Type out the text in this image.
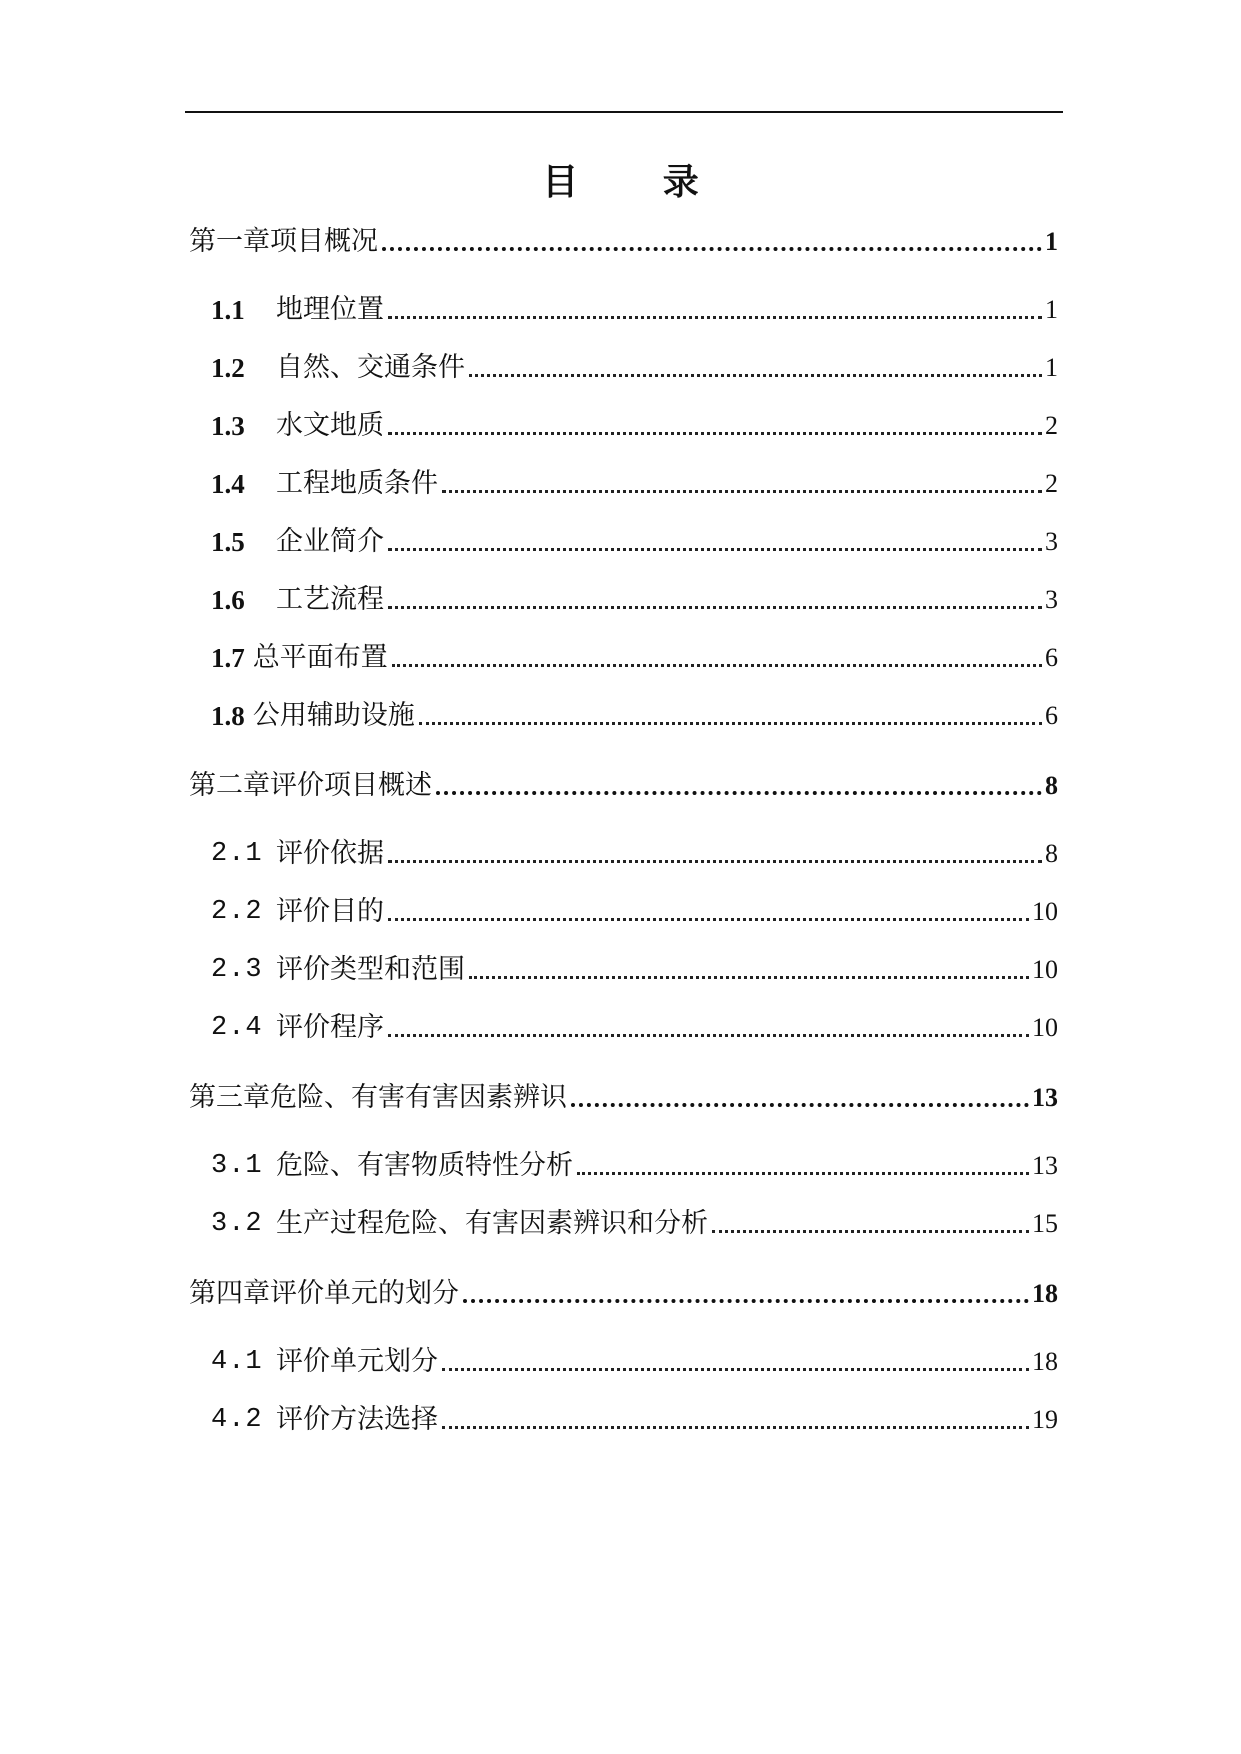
目 录
第一章项目概况	1
1.1	地理位置	1
1.2	自然、交通条件	1
1.3	水文地质	2
1.4	工程地质条件	2
1.5	企业简介	3
1.6	工艺流程	3
1.7 总平面布置	6
1.8 公用辅助设施	6
第二章评价项目概述	8
2.1 评价依据	8
2.2 评价目的	10
2.3 评价类型和范围	10
2.4 评价程序	10
第三章危险、有害有害因素辨识	13
3.1 危险、有害物质特性分析	13
3.2 生产过程危险、有害因素辨识和分析	15
第四章评价单元的划分	18
4.1 评价单元划分	18
4.2 评价方法选择	19
